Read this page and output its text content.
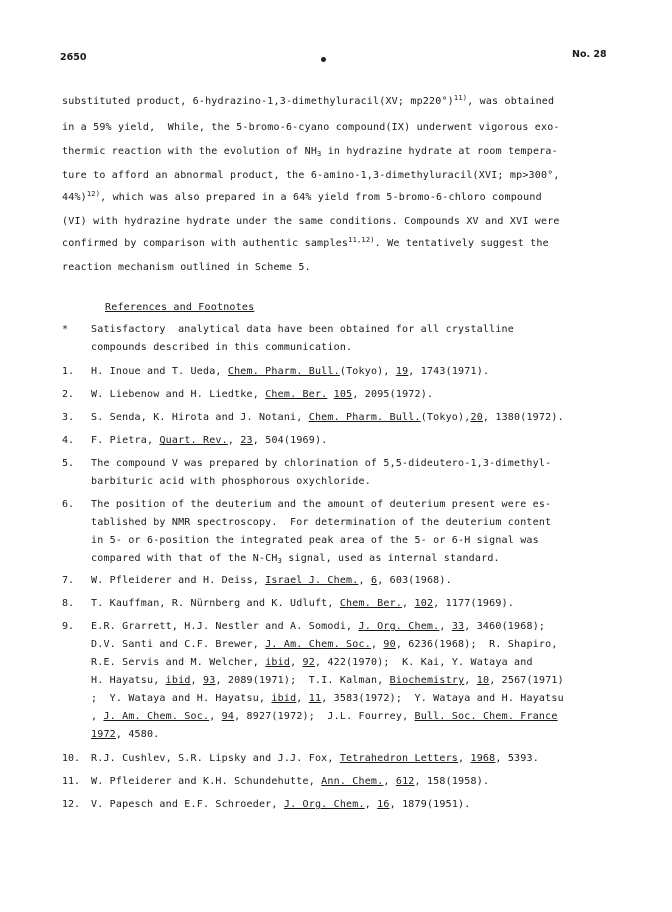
2650	No. 28
substituted product, 6-hydrazino-1,3-dimethyluracil(XV; mp220°)$^{11)}$, was obtained
in a 59% yield,  While, the 5-bromo-6-cyano compound(IX) underwent vigorous exo-
thermic reaction with the evolution of $NH_3$ in hydrazine hydrate at room tempera-
ture to afford an abnormal product, the 6-amino-1,3-dimethyluracil(XVI; mp>300°,
44%)$^{12)}$, which was also prepared in a 64% yield from 5-bromo-6-chloro compound
(VI) with hydrazine hydrate under the same conditions. Compounds XV and XVI were
confirmed by comparison with authentic samples$^{11,12)}$. We tentatively suggest the
reaction mechanism outlined in Scheme 5.
References and Footnotes
* Satisfactory  analytical data have been obtained for all crystalline
compounds described in this communication.
1. H. Inoue and T. Ueda, Chem. Pharm. Bull.(Tokyo), 19, 1743(1971).
2. W. Liebenow and H. Liedtke, Chem. Ber. 105, 2095(1972).
3. S. Senda, K. Hirota and J. Notani, Chem. Pharm. Bull.(Tokyo),20, 1380(1972).
4. F. Pietra, Quart. Rev., 23, 504(1969).
5. The compound V was prepared by chlorination of 5,5-dideutero-1,3-dimethyl-
barbituric acid with phosphorous oxychloride.
6. The position of the deuterium and the amount of deuterium present were es-
tablished by NMR spectroscopy.  For determination of the deuterium content
in 5- or 6-position the integrated peak area of the 5- or 6-H signal was
compared with that of the $N-CH_3$ signal, used as internal standard.
7. W. Pfleiderer and H. Deiss, Israel J. Chem., 6, 603(1968).
8. T. Kauffman, R. Nürnberg and K. Udluft, Chem. Ber., 102, 1177(1969).
9. E.R. Grarrett, H.J. Nestler and A. Somodi, J. Org. Chem., 33, 3460(1968);
D.V. Santi and C.F. Brewer, J. Am. Chem. Soc., 90, 6236(1968);  R. Shapiro,
R.E. Servis and M. Welcher, ibid, 92, 422(1970);  K. Kai, Y. Wataya and
H. Hayatsu, ibid, 93, 2089(1971);  T.I. Kalman, Biochemistry, 10, 2567(1971)
;  Y. Wataya and H. Hayatsu, ibid, 11, 3583(1972);  Y. Wataya and H. Hayatsu
, J. Am. Chem. Soc., 94, 8927(1972);  J.L. Fourrey, Bull. Soc. Chem. France
1972, 4580.
10. R.J. Cushlev, S.R. Lipsky and J.J. Fox, Tetrahedron Letters, 1968, 5393.
11. W. Pfleiderer and K.H. Schundehutte, Ann. Chem., 612, 158(1958).
12. V. Papesch and E.F. Schroeder, J. Org. Chem., 16, 1879(1951).
